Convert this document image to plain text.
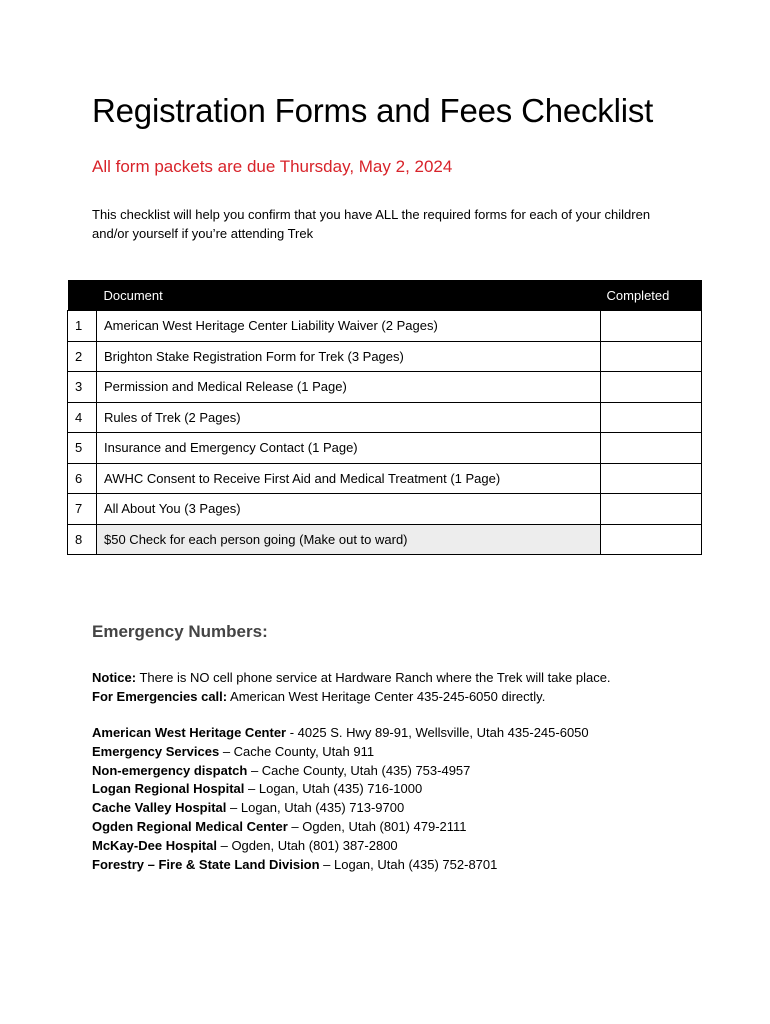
Registration Forms and Fees Checklist

All form packets are due Thursday, May 2, 2024

This checklist will help you confirm that you have ALL the required forms for each of your children and/or yourself if you’re attending Trek

	Document	Completed
1	American West Heritage Center Liability Waiver (2 Pages)	
2	Brighton Stake Registration Form for Trek (3 Pages)	
3	Permission and Medical Release (1 Page)	
4	Rules of Trek (2 Pages)	
5	Insurance and Emergency Contact (1 Page)	
6	AWHC Consent to Receive First Aid and Medical Treatment (1 Page)	
7	All About You (3 Pages)	
8	$50 Check for each person going (Make out to ward)	
Emergency Numbers:
Notice: There is NO cell phone service at Hardware Ranch where the Trek will take place.
For Emergencies call: American West Heritage Center 435-245-6050 directly.
American West Heritage Center - 4025 S. Hwy 89-91, Wellsville, Utah 435-245-6050
Emergency Services – Cache County, Utah 911
Non-emergency dispatch – Cache County, Utah (435) 753-4957
Logan Regional Hospital – Logan, Utah (435) 716-1000
Cache Valley Hospital – Logan, Utah (435) 713-9700
Ogden Regional Medical Center – Ogden, Utah (801) 479-2111
McKay-Dee Hospital – Ogden, Utah (801) 387-2800
Forestry – Fire & State Land Division – Logan, Utah (435) 752-8701
